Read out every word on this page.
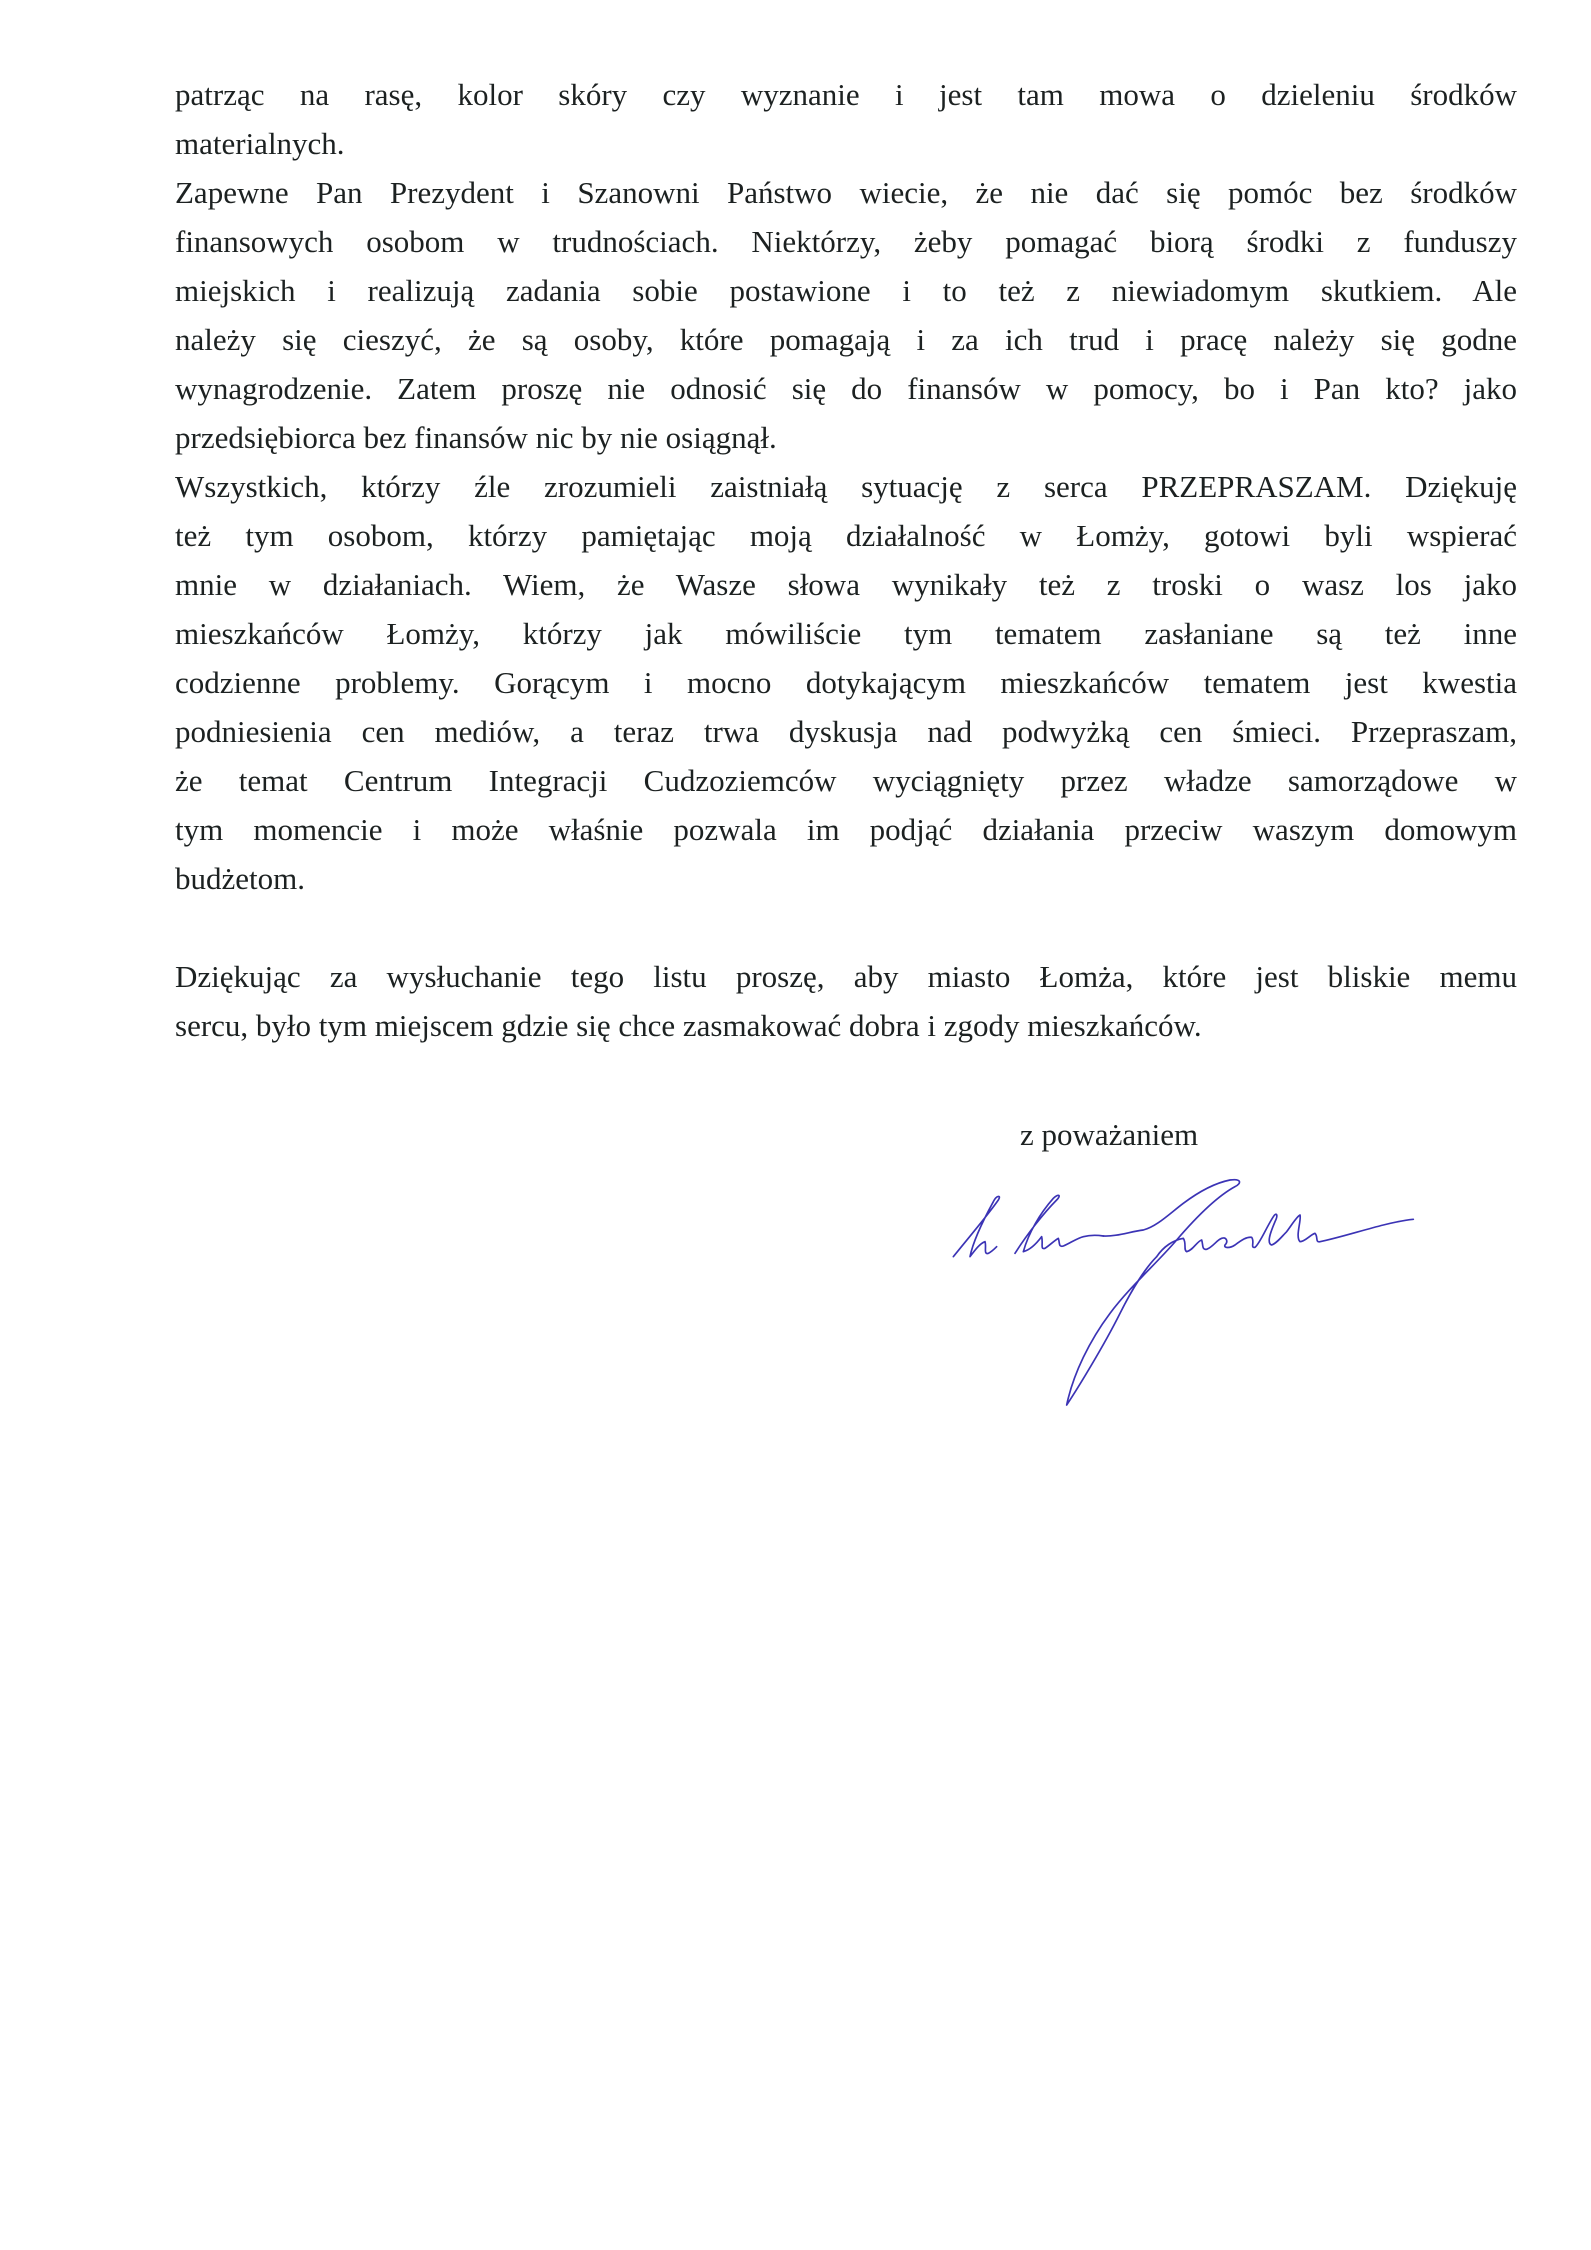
patrząc na rasę, kolor skóry czy wyznanie i jest tam mowa o dzieleniu środków
materialnych.
Zapewne Pan Prezydent i Szanowni Państwo wiecie, że nie dać się pomóc bez środków
finansowych osobom w trudnościach. Niektórzy, żeby pomagać biorą środki z funduszy
miejskich i realizują zadania sobie postawione i to też z niewiadomym skutkiem. Ale
należy się cieszyć, że są osoby, które pomagają i za ich trud i pracę należy się godne
wynagrodzenie. Zatem proszę nie odnosić się do finansów w pomocy, bo i Pan kto? jako
przedsiębiorca bez finansów nic by nie osiągnął.
Wszystkich, którzy źle zrozumieli zaistniałą sytuację z serca PRZEPRASZAM. Dziękuję
też tym osobom, którzy pamiętając moją działalność w Łomży, gotowi byli wspierać
mnie w działaniach. Wiem, że Wasze słowa wynikały też z troski o wasz los jako
mieszkańców Łomży, którzy jak mówiliście tym tematem zasłaniane są też inne
codzienne problemy. Gorącym i mocno dotykającym mieszkańców tematem jest kwestia
podniesienia cen mediów, a teraz trwa dyskusja nad podwyżką cen śmieci. Przepraszam,
że temat Centrum Integracji Cudzoziemców wyciągnięty przez władze samorządowe w
tym momencie i może właśnie pozwala im podjąć działania przeciw waszym domowym
budżetom.
Dziękując za wysłuchanie tego listu proszę, aby miasto Łomża, które jest bliskie memu
sercu, było tym miejscem gdzie się chce zasmakować dobra i zgody mieszkańców.
z poważaniem
